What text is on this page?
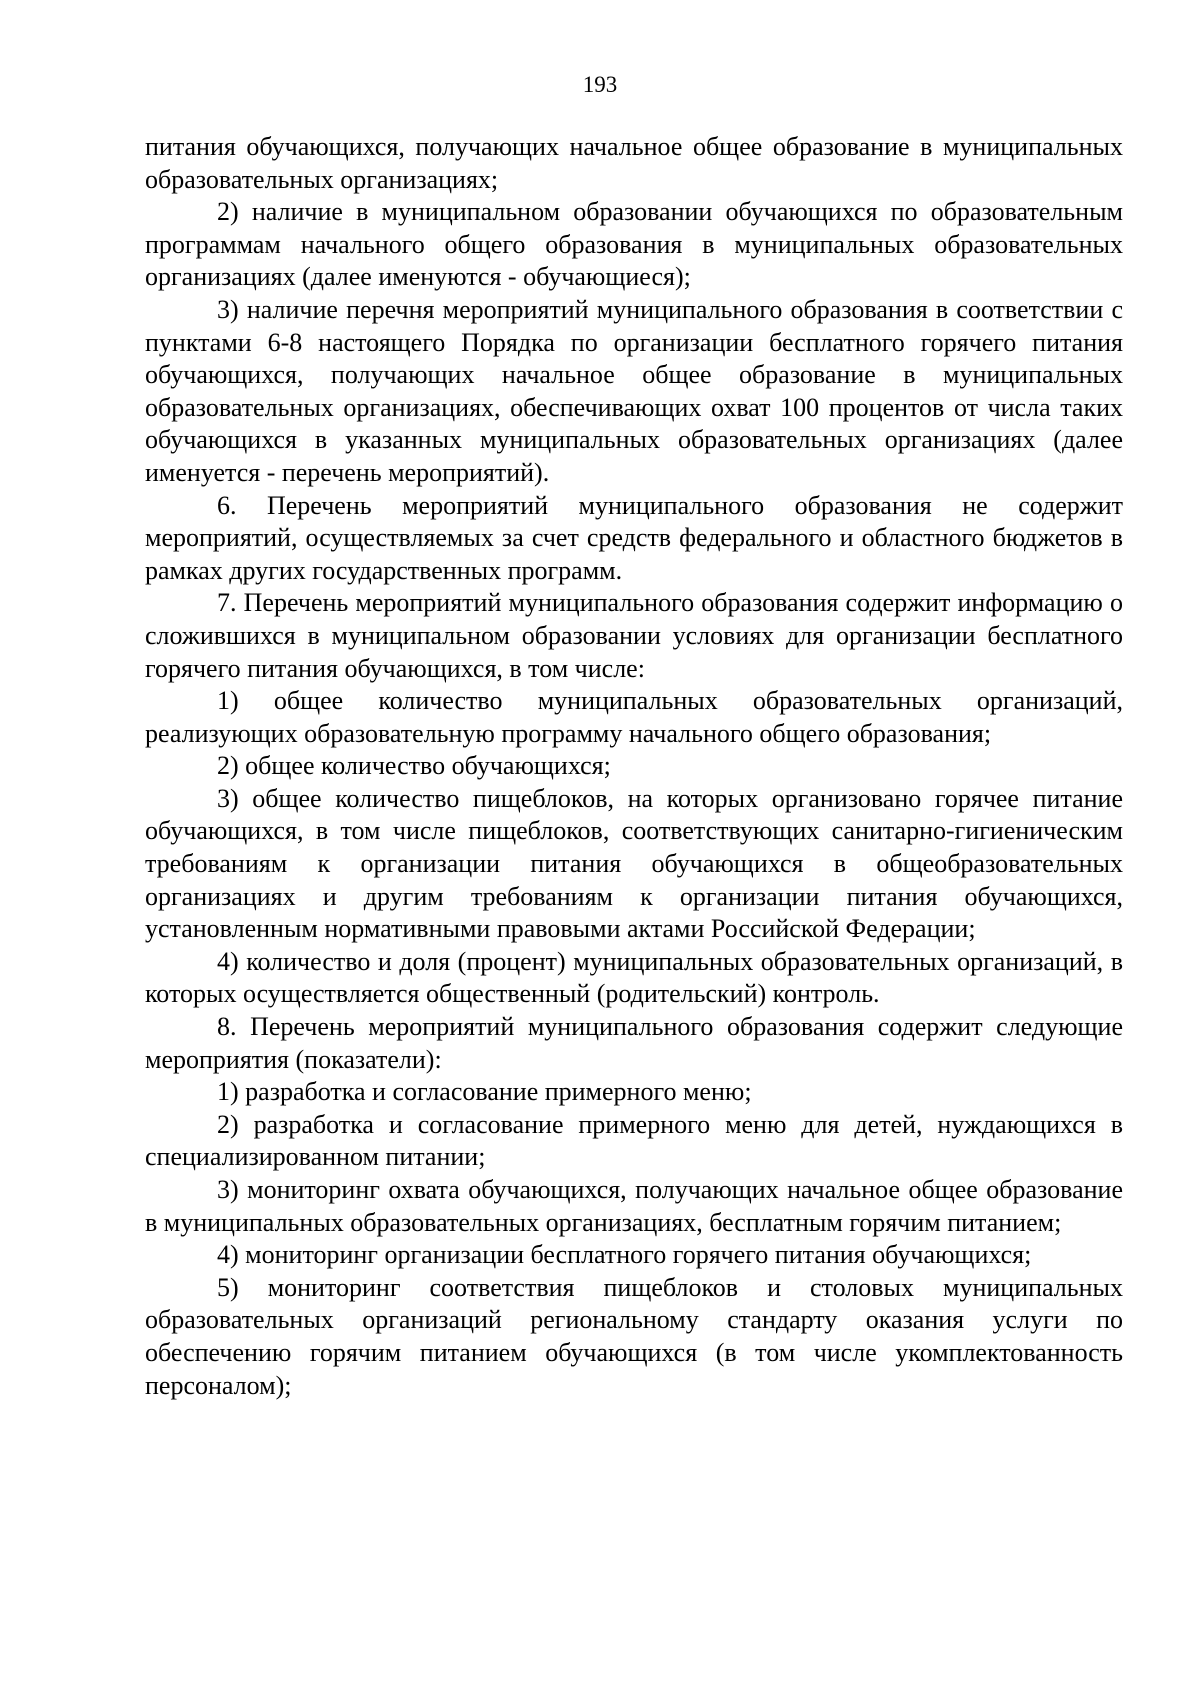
193

питания обучающихся, получающих начальное общее образование в муниципальных образовательных организациях;

2) наличие в муниципальном образовании обучающихся по образовательным программам начального общего образования в муниципальных образовательных организациях (далее именуются - обучающиеся);

3) наличие перечня мероприятий муниципального образования в соответствии с пунктами 6-8 настоящего Порядка по организации бесплатного горячего питания обучающихся, получающих начальное общее образование в муниципальных образовательных организациях, обеспечивающих охват 100 процентов от числа таких обучающихся в указанных муниципальных образовательных организациях (далее именуется - перечень мероприятий).

6. Перечень мероприятий муниципального образования не содержит мероприятий, осуществляемых за счет средств федерального и областного бюджетов в рамках других государственных программ.

7. Перечень мероприятий муниципального образования содержит информацию о сложившихся в муниципальном образовании условиях для организации бесплатного горячего питания обучающихся, в том числе:

1) общее количество муниципальных образовательных организаций, реализующих образовательную программу начального общего образования;

2) общее количество обучающихся;

3) общее количество пищеблоков, на которых организовано горячее питание обучающихся, в том числе пищеблоков, соответствующих санитарно-гигиеническим требованиям к организации питания обучающихся в общеобразовательных организациях и другим требованиям к организации питания обучающихся, установленным нормативными правовыми актами Российской Федерации;

4) количество и доля (процент) муниципальных образовательных организаций, в которых осуществляется общественный (родительский) контроль.

8. Перечень мероприятий муниципального образования содержит следующие мероприятия (показатели):

1) разработка и согласование примерного меню;

2) разработка и согласование примерного меню для детей, нуждающихся в специализированном питании;

3) мониторинг охвата обучающихся, получающих начальное общее образование в муниципальных образовательных организациях, бесплатным горячим питанием;

4) мониторинг организации бесплатного горячего питания обучающихся;

5) мониторинг соответствия пищеблоков и столовых муниципальных образовательных организаций региональному стандарту оказания услуги по обеспечению горячим питанием обучающихся (в том числе укомплектованность персоналом);
